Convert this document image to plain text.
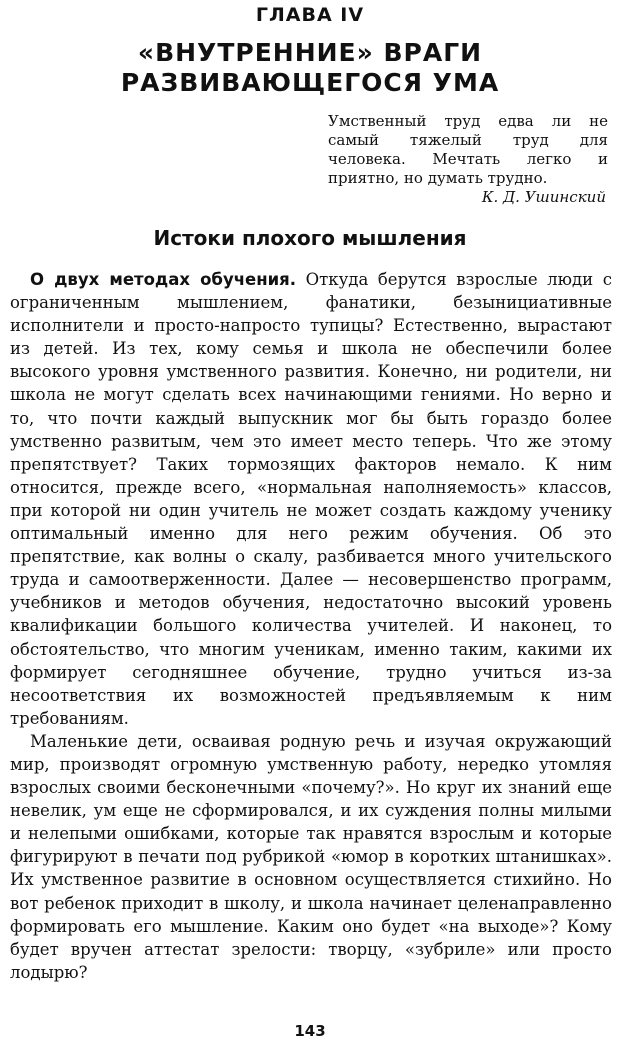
ГЛАВА IV
«ВНУТРЕННИЕ» ВРАГИ
РАЗВИВАЮЩЕГОСЯ УМА
Умственный труд едва ли не самый тяжелый труд для человека. Мечтать легко и приятно, но думать трудно.
К. Д. Ушинский
Истоки плохого мышления

О двух методах обучения. Откуда берутся взрослые люди с ограниченным мышлением, фанатики, безынициативные исполнители и просто-напросто тупицы? Естественно, вырастают из детей. Из тех, кому семья и школа не обеспечили более высокого уровня умственного развития. Конечно, ни родители, ни школа не могут сделать всех начинающими гениями. Но верно и то, что почти каждый выпускник мог бы быть гораздо более умственно развитым, чем это имеет место теперь. Что же этому препятствует? Таких тормозящих факторов немало. К ним относится, прежде всего, «нормальная наполняемость» классов, при которой ни один учитель не может создать каждому ученику оптимальный именно для него режим обучения. Об это препятствие, как волны о скалу, разбивается много учительского труда и самоотверженности. Далее — несовершенство программ, учебников и методов обучения, недостаточно высокий уровень квалификации большого количества учителей. И наконец, то обстоятельство, что многим ученикам, именно таким, какими их формирует сегодняшнее обучение, трудно учиться из-за несоответствия их возможностей предъявляемым к ним требованиям.

Маленькие дети, осваивая родную речь и изучая окружающий мир, производят огромную умственную работу, нередко утомляя взрослых своими бесконечными «почему?». Но круг их знаний еще невелик, ум еще не сформировался, и их суждения полны милыми и нелепыми ошибками, которые так нравятся взрослым и которые фигурируют в печати под рубрикой «юмор в коротких штанишках». Их умственное развитие в основном осуществляется стихийно. Но вот ребенок приходит в школу, и школа начинает целенаправленно формировать его мышление. Каким оно будет «на выходе»? Кому будет вручен аттестат зрелости: творцу, «зубриле» или просто лодырю?

143
